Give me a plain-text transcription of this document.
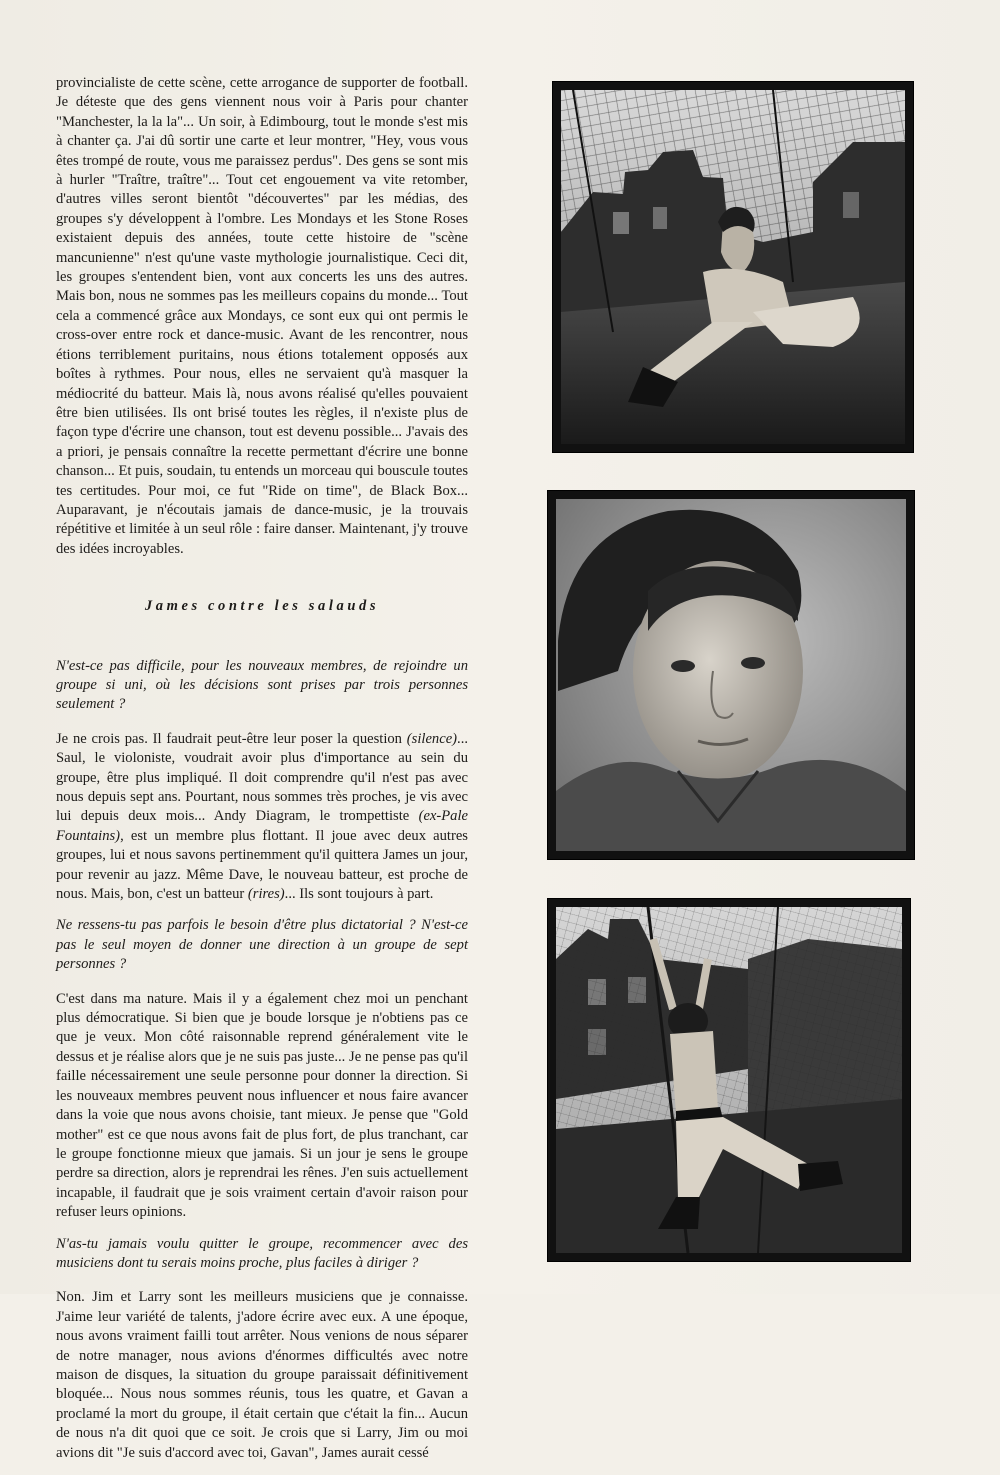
provincialiste de cette scène, cette arrogance de supporter de football. Je déteste que des gens viennent nous voir à Paris pour chanter "Manchester, la la la"... Un soir, à Edimbourg, tout le monde s'est mis à chanter ça. J'ai dû sortir une carte et leur montrer, "Hey, vous vous êtes trompé de route, vous me paraissez perdus". Des gens se sont mis à hurler "Traître, traître"... Tout cet engouement va vite retomber, d'autres villes seront bientôt "découvertes" par les médias, des groupes s'y développent à l'ombre. Les Mondays et les Stone Roses existaient depuis des années, toute cette histoire de "scène mancunienne" n'est qu'une vaste mythologie journalistique. Ceci dit, les groupes s'entendent bien, vont aux concerts les uns des autres. Mais bon, nous ne sommes pas les meilleurs copains du monde... Tout cela a commencé grâce aux Mondays, ce sont eux qui ont permis le cross-over entre rock et dance-music. Avant de les rencontrer, nous étions terriblement puritains, nous étions totalement opposés aux boîtes à rythmes. Pour nous, elles ne servaient qu'à masquer la médiocrité du batteur. Mais là, nous avons réalisé qu'elles pouvaient être bien utilisées. Ils ont brisé toutes les règles, il n'existe plus de façon type d'écrire une chanson, tout est devenu possible... J'avais des a priori, je pensais connaître la recette permettant d'écrire une bonne chanson... Et puis, soudain, tu entends un morceau qui bouscule toutes tes certitudes. Pour moi, ce fut "Ride on time", de Black Box... Auparavant, je n'écoutais jamais de dance-music, je la trouvais répétitive et limitée à un seul rôle : faire danser. Maintenant, j'y trouve des idées incroyables.

James contre les salauds

N'est-ce pas difficile, pour les nouveaux membres, de rejoindre un groupe si uni, où les décisions sont prises par trois personnes seulement ?

Je ne crois pas. Il faudrait peut-être leur poser la question (silence)... Saul, le violoniste, voudrait avoir plus d'importance au sein du groupe, être plus impliqué. Il doit comprendre qu'il n'est pas avec nous depuis sept ans. Pourtant, nous sommes très proches, je vis avec lui depuis deux mois... Andy Diagram, le trompettiste (ex-Pale Fountains), est un membre plus flottant. Il joue avec deux autres groupes, lui et nous savons pertinemment qu'il quittera James un jour, pour revenir au jazz. Même Dave, le nouveau batteur, est proche de nous. Mais, bon, c'est un batteur (rires)... Ils sont toujours à part.

Ne ressens-tu pas parfois le besoin d'être plus dictatorial ? N'est-ce pas le seul moyen de donner une direction à un groupe de sept personnes ?

C'est dans ma nature. Mais il y a également chez moi un penchant plus démocratique. Si bien que je boude lorsque je n'obtiens pas ce que je veux. Mon côté raisonnable reprend généralement vite le dessus et je réalise alors que je ne suis pas juste... Je ne pense pas qu'il faille nécessairement une seule personne pour donner la direction. Si les nouveaux membres peuvent nous influencer et nous faire avancer dans la voie que nous avons choisie, tant mieux. Je pense que "Gold mother" est ce que nous avons fait de plus fort, de plus tranchant, car le groupe fonctionne mieux que jamais. Si un jour je sens le groupe perdre sa direction, alors je reprendrai les rênes. J'en suis actuellement incapable, il faudrait que je sois vraiment certain d'avoir raison pour refuser leurs opinions.

N'as-tu jamais voulu quitter le groupe, recommencer avec des musiciens dont tu serais moins proche, plus faciles à diriger ?

Non. Jim et Larry sont les meilleurs musiciens que je connaisse. J'aime leur variété de talents, j'adore écrire avec eux. A une époque, nous avons vraiment failli tout arrêter. Nous venions de nous séparer de notre manager, nous avions d'énormes difficultés avec notre maison de disques, la situation du groupe paraissait définitivement bloquée... Nous nous sommes réunis, tous les quatre, et Gavan a proclamé la mort du groupe, il était certain que c'était la fin... Aucun de nous n'a dit quoi que ce soit. Je crois que si Larry, Jim ou moi avions dit "Je suis d'accord avec toi, Gavan", James aurait cessé
